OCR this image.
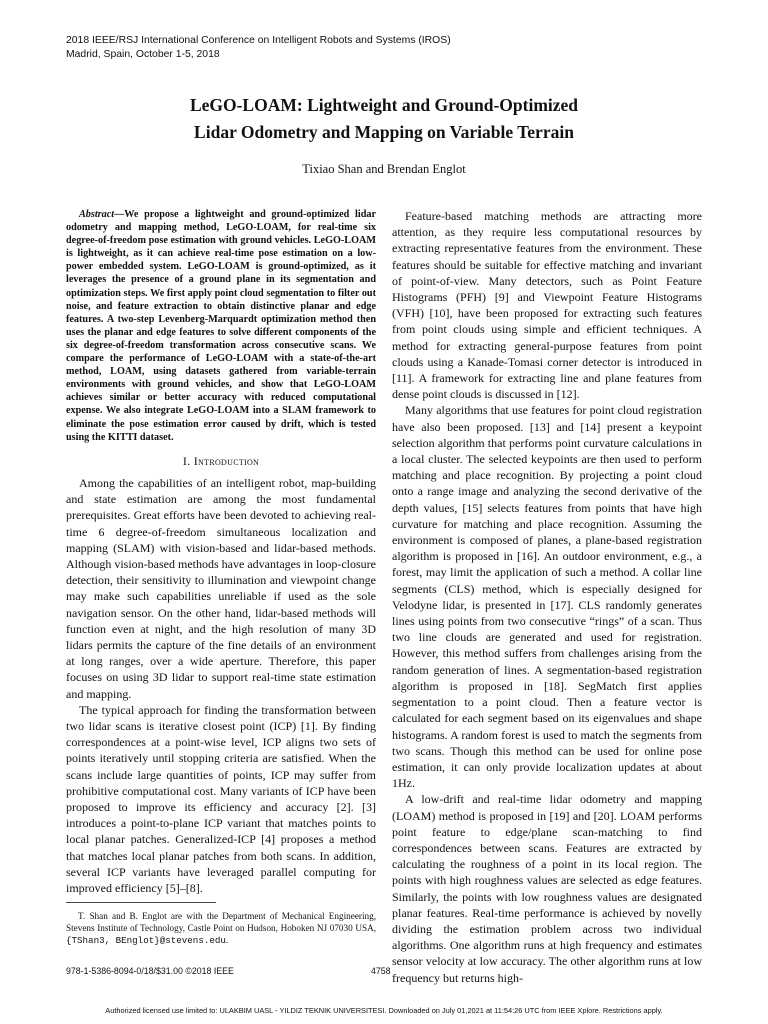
2018 IEEE/RSJ International Conference on Intelligent Robots and Systems (IROS)
Madrid, Spain, October 1-5, 2018
LeGO-LOAM: Lightweight and Ground-Optimized
Lidar Odometry and Mapping on Variable Terrain
Tixiao Shan and Brendan Englot

Abstract—We propose a lightweight and ground-optimized lidar odometry and mapping method, LeGO-LOAM, for real-time six degree-of-freedom pose estimation with ground vehicles. LeGO-LOAM is lightweight, as it can achieve real-time pose estimation on a low-power embedded system. LeGO-LOAM is ground-optimized, as it leverages the presence of a ground plane in its segmentation and optimization steps. We first apply point cloud segmentation to filter out noise, and feature extraction to obtain distinctive planar and edge features. A two-step Levenberg-Marquardt optimization method then uses the planar and edge features to solve different components of the six degree-of-freedom transformation across consecutive scans. We compare the performance of LeGO-LOAM with a state-of-the-art method, LOAM, using datasets gathered from variable-terrain environments with ground vehicles, and show that LeGO-LOAM achieves similar or better accuracy with reduced computational expense. We also integrate LeGO-LOAM into a SLAM framework to eliminate the pose estimation error caused by drift, which is tested using the KITTI dataset.

I. Introduction

Among the capabilities of an intelligent robot, map-building and state estimation are among the most fundamental prerequisites. Great efforts have been devoted to achieving real-time 6 degree-of-freedom simultaneous localization and mapping (SLAM) with vision-based and lidar-based methods. Although vision-based methods have advantages in loop-closure detection, their sensitivity to illumination and viewpoint change may make such capabilities unreliable if used as the sole navigation sensor. On the other hand, lidar-based methods will function even at night, and the high resolution of many 3D lidars permits the capture of the fine details of an environment at long ranges, over a wide aperture. Therefore, this paper focuses on using 3D lidar to support real-time state estimation and mapping.

The typical approach for finding the transformation between two lidar scans is iterative closest point (ICP) [1]. By finding correspondences at a point-wise level, ICP aligns two sets of points iteratively until stopping criteria are satisfied. When the scans include large quantities of points, ICP may suffer from prohibitive computational cost. Many variants of ICP have been proposed to improve its efficiency and accuracy [2]. [3] introduces a point-to-plane ICP variant that matches points to local planar patches. Generalized-ICP [4] proposes a method that matches local planar patches from both scans. In addition, several ICP variants have leveraged parallel computing for improved efficiency [5]–[8].

Feature-based matching methods are attracting more attention, as they require less computational resources by extracting representative features from the environment. These features should be suitable for effective matching and invariant of point-of-view. Many detectors, such as Point Feature Histograms (PFH) [9] and Viewpoint Feature Histograms (VFH) [10], have been proposed for extracting such features from point clouds using simple and efficient techniques. A method for extracting general-purpose features from point clouds using a Kanade-Tomasi corner detector is introduced in [11]. A framework for extracting line and plane features from dense point clouds is discussed in [12].

Many algorithms that use features for point cloud registration have also been proposed. [13] and [14] present a keypoint selection algorithm that performs point curvature calculations in a local cluster. The selected keypoints are then used to perform matching and place recognition. By projecting a point cloud onto a range image and analyzing the second derivative of the depth values, [15] selects features from points that have high curvature for matching and place recognition. Assuming the environment is composed of planes, a plane-based registration algorithm is proposed in [16]. An outdoor environment, e.g., a forest, may limit the application of such a method. A collar line segments (CLS) method, which is especially designed for Velodyne lidar, is presented in [17]. CLS randomly generates lines using points from two consecutive “rings” of a scan. Thus two line clouds are generated and used for registration. However, this method suffers from challenges arising from the random generation of lines. A segmentation-based registration algorithm is proposed in [18]. SegMatch first applies segmentation to a point cloud. Then a feature vector is calculated for each segment based on its eigenvalues and shape histograms. A random forest is used to match the segments from two scans. Though this method can be used for online pose estimation, it can only provide localization updates at about 1Hz.

A low-drift and real-time lidar odometry and mapping (LOAM) method is proposed in [19] and [20]. LOAM performs point feature to edge/plane scan-matching to find correspondences between scans. Features are extracted by calculating the roughness of a point in its local region. The points with high roughness values are selected as edge features. Similarly, the points with low roughness values are designated planar features. Real-time performance is achieved by novelly dividing the estimation problem across two individual algorithms. One algorithm runs at high frequency and estimates sensor velocity at low accuracy. The other algorithm runs at low frequency but returns high-

T. Shan and B. Englot are with the Department of Mechanical Engineering, Stevens Institute of Technology, Castle Point on Hudson, Hoboken NJ 07030 USA, {TShan3, BEnglot}@stevens.edu.
978-1-5386-8094-0/18/$31.00 ©2018 IEEE	4758
Authorized licensed use limited to: ULAKBIM UASL - YILDIZ TEKNIK UNIVERSITESI. Downloaded on July 01,2021 at 11:54:26 UTC from IEEE Xplore. Restrictions apply.
